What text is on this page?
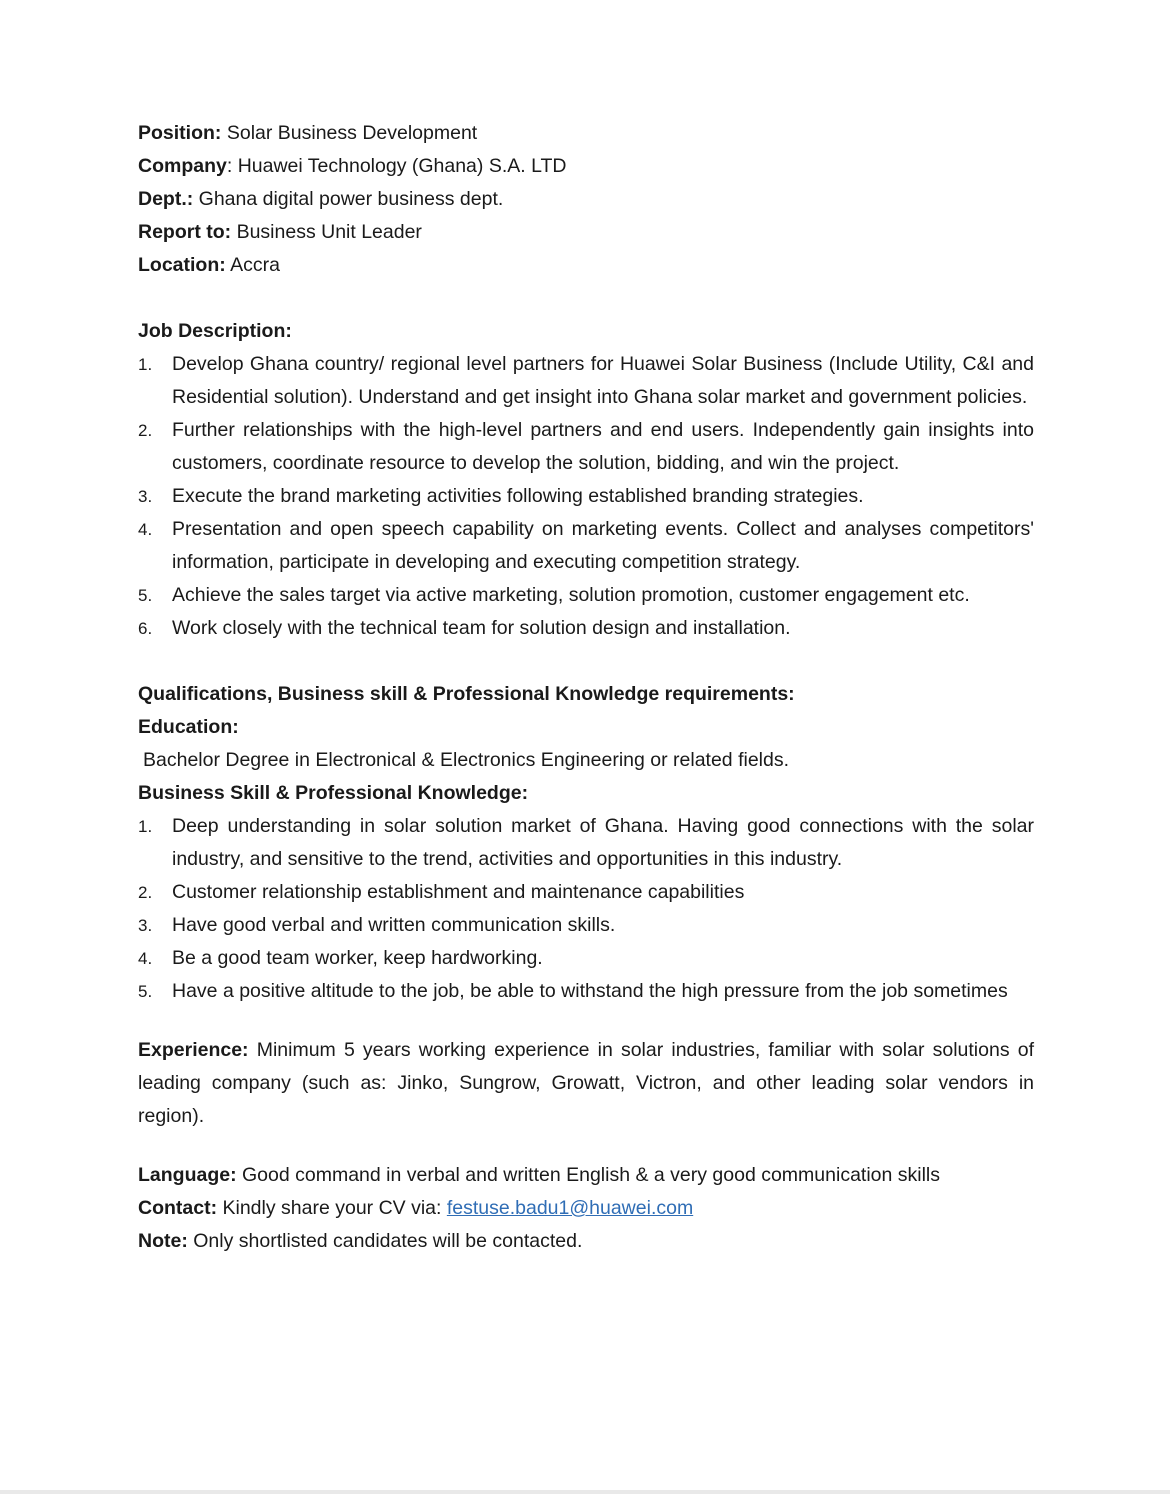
Position: Solar Business Development

Company: Huawei Technology (Ghana) S.A. LTD

Dept.: Ghana digital power business dept.

Report to: Business Unit Leader

Location: Accra

Job Description:

1. Develop Ghana country/ regional level partners for Huawei Solar Business (Include Utility, C&I and Residential solution). Understand and get insight into Ghana solar market and government policies.
2. Further relationships with the high-level partners and end users. Independently gain insights into customers, coordinate resource to develop the solution, bidding, and win the project.
3. Execute the brand marketing activities following established branding strategies.
4. Presentation and open speech capability on marketing events. Collect and analyses competitors' information, participate in developing and executing competition strategy.
5. Achieve the sales target via active marketing, solution promotion, customer engagement etc.
6. Work closely with the technical team for solution design and installation.

Qualifications, Business skill & Professional Knowledge requirements:

Education:

Bachelor Degree in Electronical & Electronics Engineering or related fields.

Business Skill & Professional Knowledge:

1. Deep understanding in solar solution market of Ghana. Having good connections with the solar industry, and sensitive to the trend, activities and opportunities in this industry.
2. Customer relationship establishment and maintenance capabilities
3. Have good verbal and written communication skills.
4. Be a good team worker, keep hardworking.
5. Have a positive altitude to the job, be able to withstand the high pressure from the job sometimes

Experience: Minimum 5 years working experience in solar industries, familiar with solar solutions of leading company (such as: Jinko, Sungrow, Growatt, Victron, and other leading solar vendors in region).

Language: Good command in verbal and written English & a very good communication skills

Contact: Kindly share your CV via: festuse.badu1@huawei.com

Note: Only shortlisted candidates will be contacted.
